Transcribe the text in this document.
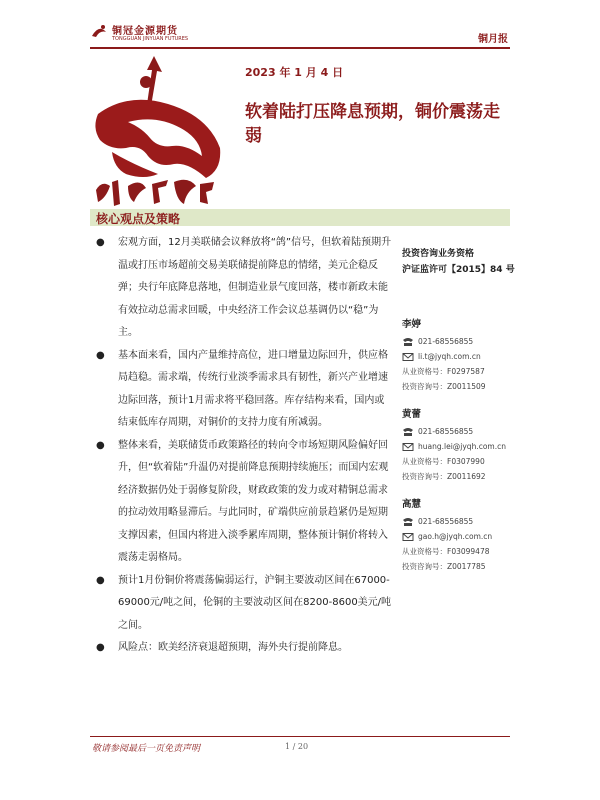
铜冠金源期货
TONGGUAN JINYUAN FUTURES	铜月报
2023 年 1 月 4 日
软着陆打压降息预期，铜价震荡走弱
核心观点及策略
● 宏观方面，12月美联储会议释放将“鸽”信号，但软着陆预期升温或打压市场超前交易美联储提前降息的情绪，美元企稳反弹；央行年底降息落地，但制造业景气度回落，楼市新政未能有效拉动总需求回暖，中央经济工作会议总基调仍以“稳”为主。
● 基本面来看，国内产量维持高位，进口增量边际回升，供应格局趋稳。需求端，传统行业淡季需求具有韧性，新兴产业增速边际回落，预计1月需求将平稳回落。库存结构来看，国内或结束低库存周期，对铜价的支持力度有所减弱。
● 整体来看，美联储货币政策路径的转向令市场短期风险偏好回升，但“软着陆”升温仍对提前降息预期持续施压；而国内宏观经济数据仍处于弱修复阶段，财政政策的发力或对精铜总需求的拉动效用略显滞后。与此同时，矿端供应前景趋紧仍是短期支撑因素，但国内将进入淡季累库周期，整体预计铜价将转入震荡走弱格局。
● 预计1月份铜价将震荡偏弱运行，沪铜主要波动区间在67000-69000元/吨之间，伦铜的主要波动区间在8200-8600美元/吨之间。
● 风险点：欧美经济衰退超预期，海外央行提前降息。
投资咨询业务资格
沪证监许可【2015】84 号
李婷
021-68556855
li.t@jyqh.com.cn
从业资格号：F0297587
投资咨询号：Z0011509
黄蕾
021-68556855
huang.lei@jyqh.com.cn
从业资格号：F0307990
投资咨询号：Z0011692
高慧
021-68556855
gao.h@jyqh.com.cn
从业资格号：F03099478
投资咨询号：Z0017785
敬请参阅最后一页免责声明	1 / 20
